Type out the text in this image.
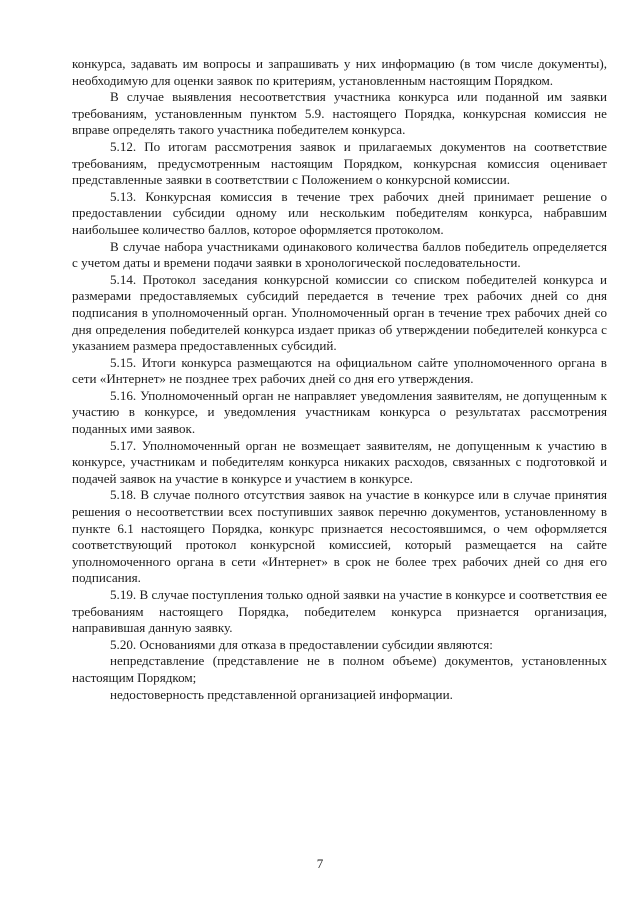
конкурса, задавать им вопросы и запрашивать у них информацию (в том числе документы), необходимую для оценки заявок по критериям, установленным настоящим Порядком.

В случае выявления несоответствия участника конкурса или поданной им заявки требованиям, установленным пунктом 5.9. настоящего Порядка, конкурсная комиссия не вправе определять такого участника победителем конкурса.

5.12. По итогам рассмотрения заявок и прилагаемых документов на соответствие требованиям, предусмотренным настоящим Порядком, конкурсная комиссия оценивает представленные заявки в соответствии с Положением о конкурсной комиссии.

5.13. Конкурсная комиссия в течение трех рабочих дней принимает решение о предоставлении субсидии одному или нескольким победителям конкурса, набравшим наибольшее количество баллов, которое оформляется протоколом.

В случае набора участниками одинакового количества баллов победитель определяется с учетом даты и времени подачи заявки в хронологической последовательности.

5.14. Протокол заседания конкурсной комиссии со списком победителей конкурса и размерами предоставляемых субсидий передается в течение трех рабочих дней со дня подписания в уполномоченный орган. Уполномоченный орган в течение трех рабочих дней со дня определения победителей конкурса издает приказ об утверждении победителей конкурса с указанием размера предоставленных субсидий.

5.15. Итоги конкурса размещаются на официальном сайте уполномоченного органа в сети «Интернет» не позднее трех рабочих дней со дня его утверждения.

5.16. Уполномоченный орган не направляет уведомления заявителям, не допущенным к участию в конкурсе, и уведомления участникам конкурса о результатах рассмотрения поданных ими заявок.

5.17. Уполномоченный орган не возмещает заявителям, не допущенным к участию в конкурсе, участникам и победителям конкурса никаких расходов, связанных с подготовкой и подачей заявок на участие в конкурсе и участием в конкурсе.

5.18. В случае полного отсутствия заявок на участие в конкурсе или в случае принятия решения о несоответствии всех поступивших заявок перечню документов, установленному в пункте 6.1 настоящего Порядка, конкурс признается несостоявшимся, о чем оформляется соответствующий протокол конкурсной комиссией, который размещается на сайте уполномоченного органа в сети «Интернет» в срок не более трех рабочих дней со дня его подписания.

5.19. В случае поступления только одной заявки на участие в конкурсе и соответствия ее требованиям настоящего Порядка, победителем конкурса признается организация, направившая данную заявку.

5.20. Основаниями для отказа в предоставлении субсидии являются:

непредставление (представление не в полном объеме) документов, установленных настоящим Порядком;

недостоверность представленной организацией информации.

7
